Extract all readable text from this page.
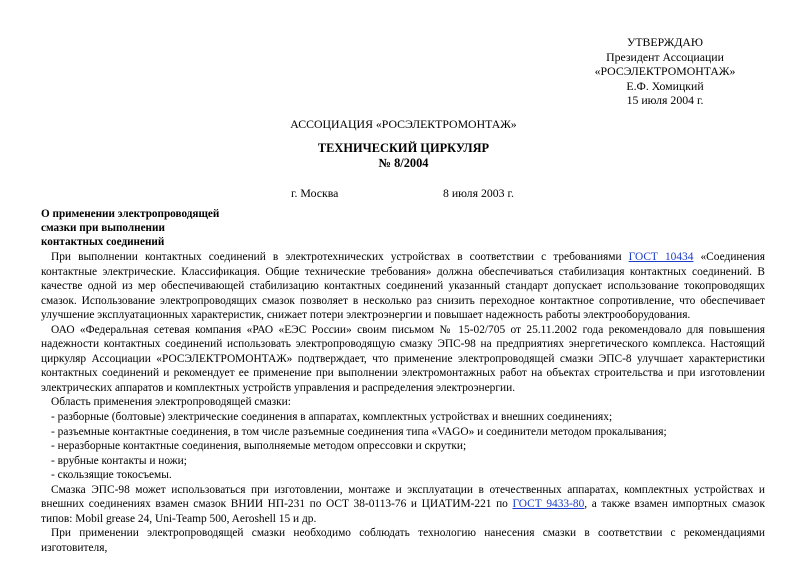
УТВЕРЖДАЮ
Президент Ассоциации
«РОСЭЛЕКТРОМОНТАЖ»
Е.Ф. Хомицкий
15 июля 2004 г.
АССОЦИАЦИЯ «РОСЭЛЕКТРОМОНТАЖ»
ТЕХНИЧЕСКИЙ ЦИРКУЛЯР
№ 8/2004
г. Москва	8 июля 2003 г.
О применении электропроводящей
смазки при выполнении
контактных соединений

При выполнении контактных соединений в электротехнических устройствах в соответствии с требованиями ГОСТ 10434 «Соединения контактные электрические. Классификация. Общие технические требования» должна обеспечиваться стабилизация контактных соединений. В качестве одной из мер обеспечивающей стабилизацию контактных соединений указанный стандарт допускает использование токопроводящих смазок. Использование электропроводящих смазок позволяет в несколько раз снизить переходное контактное сопротивление, что обеспечивает улучшение эксплуатационных характеристик, снижает потери электроэнергии и повышает надежность работы электрооборудования.

ОАО «Федеральная сетевая компания «РАО «ЕЭС России» своим письмом № 15-02/705 от 25.11.2002 года рекомендовало для повышения надежности контактных соединений использовать электропроводящую смазку ЭПС-98 на предприятиях энергетического комплекса. Настоящий циркуляр Ассоциации «РОСЭЛЕКТРОМОНТАЖ» подтверждает, что применение электропроводящей смазки ЭПС-8 улучшает характеристики контактных соединений и рекомендует ее применение при выполнении электромонтажных работ на объектах строительства и при изготовлении электрических аппаратов и комплектных устройств управления и распределения электроэнергии.

Область применения электропроводящей смазки:

- разборные (болтовые) электрические соединения в аппаратах, комплектных устройствах и внешних соединениях;
- разъемные контактные соединения, в том числе разъемные соединения типа «VAGO» и соединители методом прокалывания;
- неразборные контактные соединения, выполняемые методом опрессовки и скрутки;
- врубные контакты и ножи;
- скользящие токосъемы.

Смазка ЭПС-98 может использоваться при изготовлении, монтаже и эксплуатации в отечественных аппаратах, комплектных устройствах и внешних соединениях взамен смазок ВНИИ НП-231 по ОСТ 38-0113-76 и ЦИАТИМ-221 по ГОСТ 9433-80, а также взамен импортных смазок типов: Mobil grease 24, Uni-Teamp 500, Aeroshell 15 и др.

При применении электропроводящей смазки необходимо соблюдать технологию нанесения смазки в соответствии с рекомендациями изготовителя,
